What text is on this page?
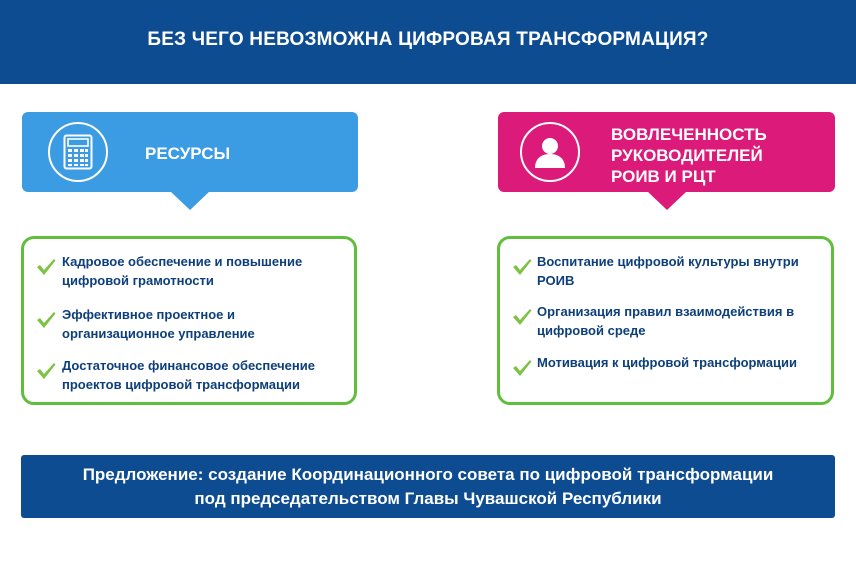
БЕЗ ЧЕГО НЕВОЗМОЖНА ЦИФРОВАЯ ТРАНСФОРМАЦИЯ?
РЕСУРСЫ
ВОВЛЕЧЕННОСТЬ
РУКОВОДИТЕЛЕЙ
РОИВ И РЦТ
Кадровое обеспечение и повышение
цифровой грамотности
Эффективное проектное и
организационное управление
Достаточное финансовое обеспечение
проектов цифровой трансформации
Воспитание цифровой культуры внутри
РОИВ
Организация правил взаимодействия в
цифровой среде
Мотивация к цифровой трансформации
Предложение: создание Координационного совета по цифровой трансформации
под председательством Главы Чувашской Республики
